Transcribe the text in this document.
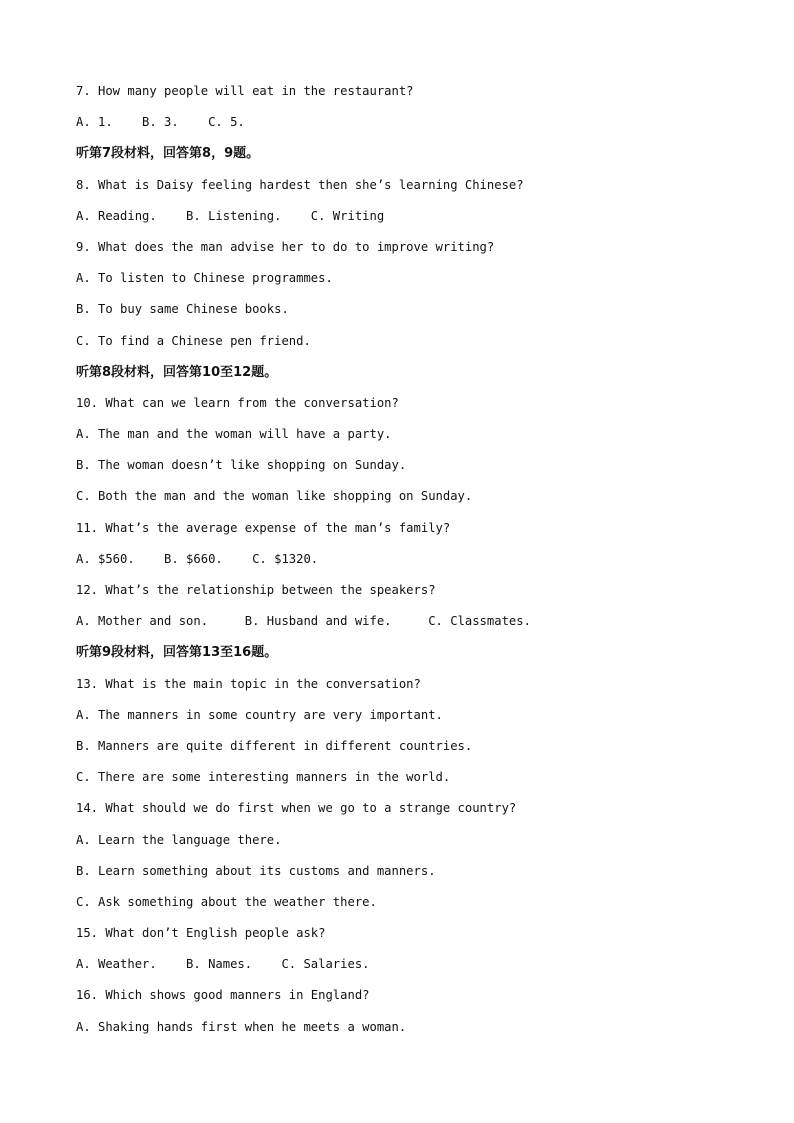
7. How many people will eat in the restaurant?
A. 1.    B. 3.    C. 5.
听第7段材料，回答第8，9题。
8. What is Daisy feeling hardest then she’s learning Chinese?
A. Reading.    B. Listening.    C. Writing
9. What does the man advise her to do to improve writing?
A. To listen to Chinese programmes.
B. To buy same Chinese books.
C. To find a Chinese pen friend.
听第8段材料，回答第10至12题。
10. What can we learn from the conversation?
A. The man and the woman will have a party.
B. The woman doesn’t like shopping on Sunday.
C. Both the man and the woman like shopping on Sunday.
11. What’s the average expense of the man’s family?
A. $560.    B. $660.    C. $1320.
12. What’s the relationship between the speakers?
A. Mother and son.     B. Husband and wife.     C. Classmates.
听第9段材料，回答第13至16题。
13. What is the main topic in the conversation?
A. The manners in some country are very important.
B. Manners are quite different in different countries.
C. There are some interesting manners in the world.
14. What should we do first when we go to a strange country?
A. Learn the language there.
B. Learn something about its customs and manners.
C. Ask something about the weather there.
15. What don’t English people ask?
A. Weather.    B. Names.    C. Salaries.
16. Which shows good manners in England?
A. Shaking hands first when he meets a woman.
